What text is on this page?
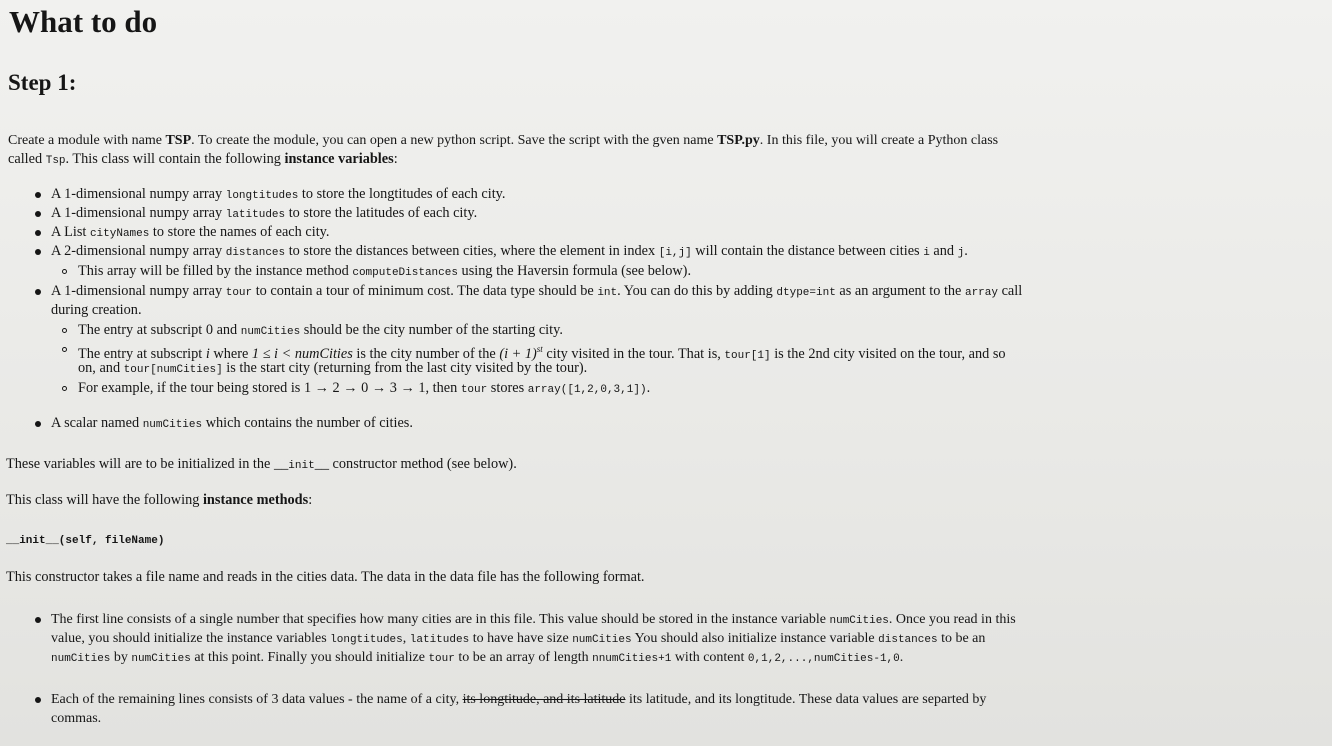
What to do
Step 1:
Create a module with name TSP. To create the module, you can open a new python script. Save the script with the gven name TSP.py. In this file, you will create a Python class
called Tsp. This class will contain the following instance variables:
A 1-dimensional numpy array longtitudes to store the longtitudes of each city.
A 1-dimensional numpy array latitudes to store the latitudes of each city.
A List cityNames to store the names of each city.
A 2-dimensional numpy array distances to store the distances between cities, where the element in index [i,j] will contain the distance between cities i and j.
This array will be filled by the instance method computeDistances using the Haversin formula (see below).
A 1-dimensional numpy array tour to contain a tour of minimum cost. The data type should be int. You can do this by adding dtype=int as an argument to the array call
during creation.
The entry at subscript 0 and numCities should be the city number of the starting city.
The entry at subscript i where 1 ≤ i < numCities is the city number of the $(i + 1)^{st}$ city visited in the tour. That is, tour[1] is the 2nd city visited on the tour, and so
on, and tour[numCities] is the start city (returning from the last city visited by the tour).
For example, if the tour being stored is 1 → 2 → 0 → 3 → 1, then tour stores array([1,2,0,3,1]).
A scalar named numCities which contains the number of cities.
These variables will are to be initialized in the __init__ constructor method (see below).
This class will have the following instance methods:
__init__(self, fileName)
This constructor takes a file name and reads in the cities data. The data in the data file has the following format.
The first line consists of a single number that specifies how many cities are in this file. This value should be stored in the instance variable numCities. Once you read in this
value, you should initialize the instance variables longtitudes, latitudes to have have size numCities You should also initialize instance variable distances to be an
numCities by numCities at this point. Finally you should initialize tour to be an array of length nnumCities+1 with content 0,1,2,...,numCities-1,0.
Each of the remaining lines consists of 3 data values - the name of a city, its longtitude, and its latitude its latitude, and its longtitude. These data values are separted by
commas.
